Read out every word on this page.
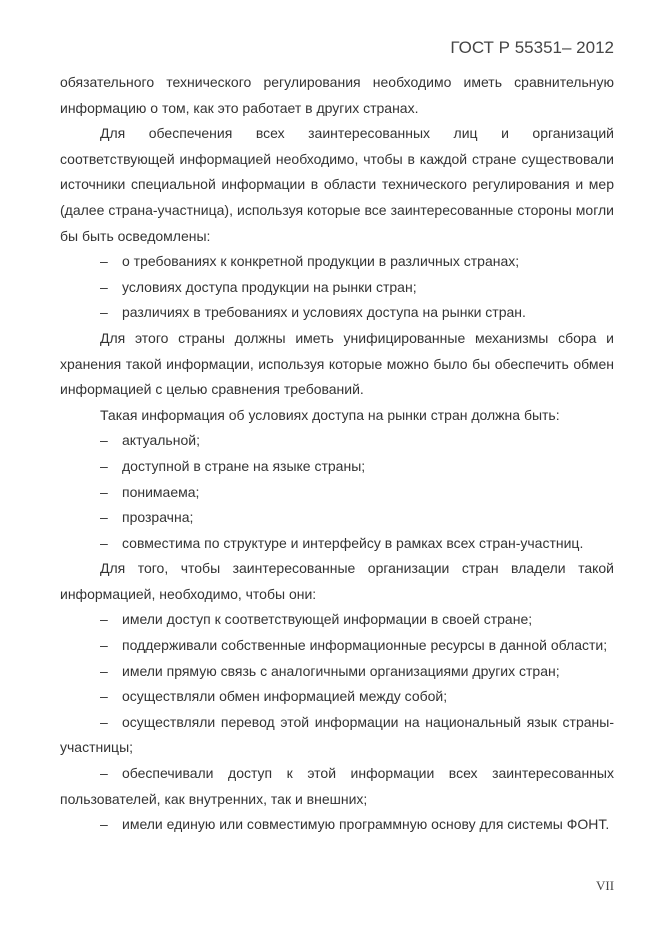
ГОСТ Р 55351– 2012

обязательного технического регулирования необходимо иметь сравнительную информацию о том, как это работает в других странах.

Для обеспечения всех заинтересованных лиц и организаций соответствующей информацией необходимо, чтобы в каждой стране существовали источники специальной информации в области технического регулирования и мер (далее страна-участница), используя которые все заинтересованные стороны могли бы быть осведомлены:

– о требованиях к конкретной продукции в различных странах;

– условиях доступа продукции на рынки стран;

– различиях в требованиях и условиях доступа на рынки стран.

Для этого страны должны иметь унифицированные механизмы сбора и хранения такой информации, используя которые можно было бы обеспечить обмен информацией с целью сравнения требований.

Такая информация об условиях доступа на рынки стран должна быть:

– актуальной;

– доступной в стране на языке страны;

– понимаема;

– прозрачна;

– совместима по структуре и интерфейсу в рамках всех стран-участниц.

Для того, чтобы заинтересованные организации стран владели такой информацией, необходимо, чтобы они:

– имели доступ к соответствующей информации в своей стране;

– поддерживали собственные информационные ресурсы в данной области;

– имели прямую связь с аналогичными организациями других стран;

– осуществляли обмен информацией между собой;

– осуществляли перевод этой информации на национальный язык страны-участницы;

– обеспечивали доступ к этой информации всех заинтересованных пользователей, как внутренних, так и внешних;

– имели единую или совместимую программную основу для системы ФОНТ.

VII
